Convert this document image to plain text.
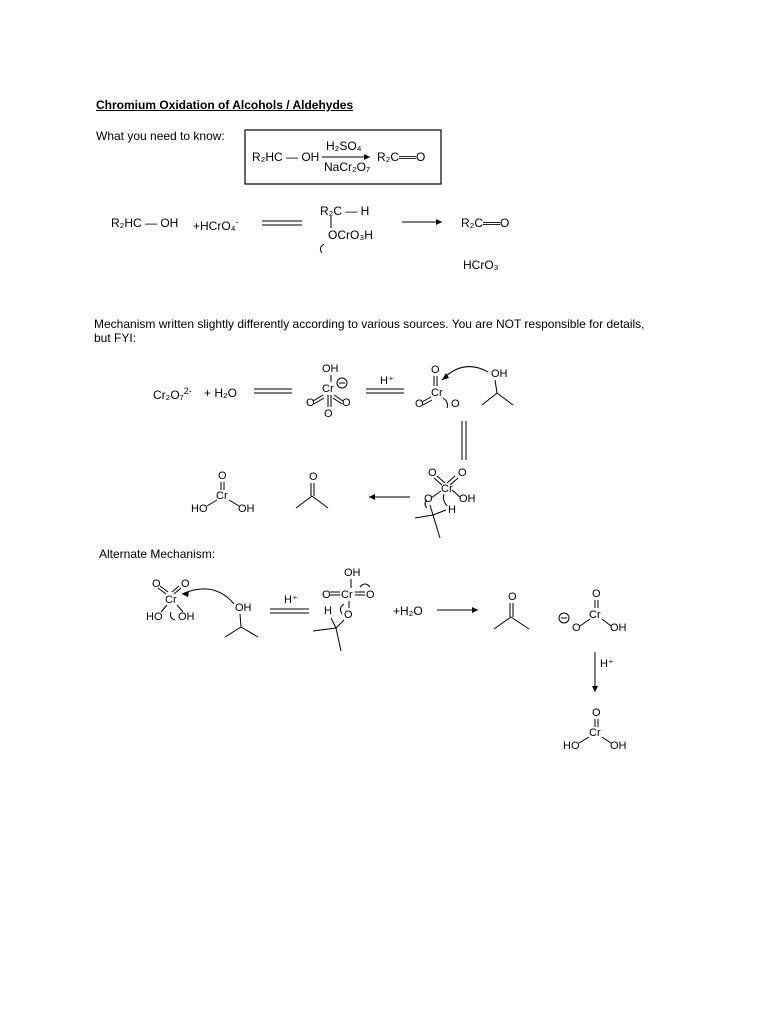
Chromium Oxidation of Alcohols / Aldehydes
What you need to know:
R₂HC — OH
H₂SO₄
NaCr₂O₇
R₂C══O
R₂HC — OH +HCrO₄-
R₂C — H
OCrO₃H
R₂C══O
HCrO₃
Mechanism written slightly differently according to various sources. You are NOT responsible for details,
but FYI:
Cr₂O₇$^{2-}$ + H₂O
OH
Cr
O O
O
H⁺
O
Cr
O O
OH
O O
Cr
OH
O
H
O
O
Cr
HO	OH
Alternate Mechanism:
O O
Cr
HO OH
OH
H⁺
OH
O Cr O
H O
O	O
Cr
O	OH
H⁺
O
Cr
HO	OH
+H₂O
